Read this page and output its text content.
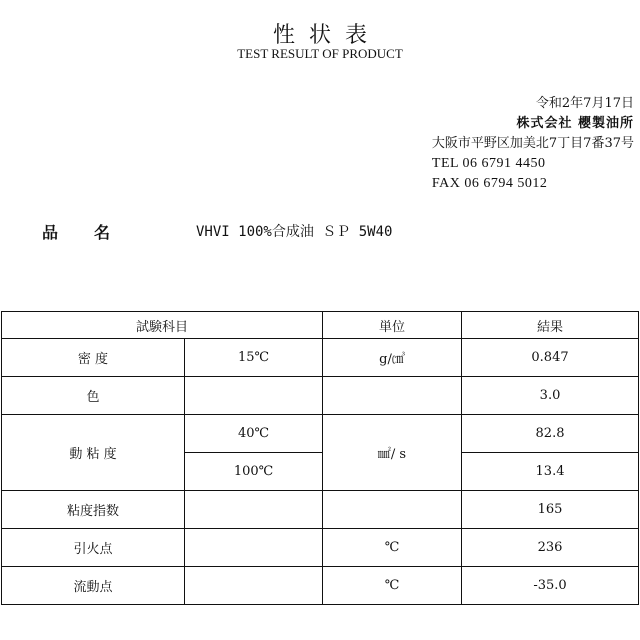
性状表
TEST RESULT OF PRODUCT
令和2年7月17日
株式会社 櫻製油所
大阪市平野区加美北7丁目7番37号
TEL 06 6791 4450
FAX 06 6794 5012
品名	VHVI 100%合成油 ＳＰ 5W40
試験科目		単位	結果
密 度	15℃	g/㎤	0.847
色			3.0
動 粘 度	40℃	㎟/ s	82.8
	100℃		13.4
粘度指数			165
引火点		℃	236
流動点		℃	-35.0
